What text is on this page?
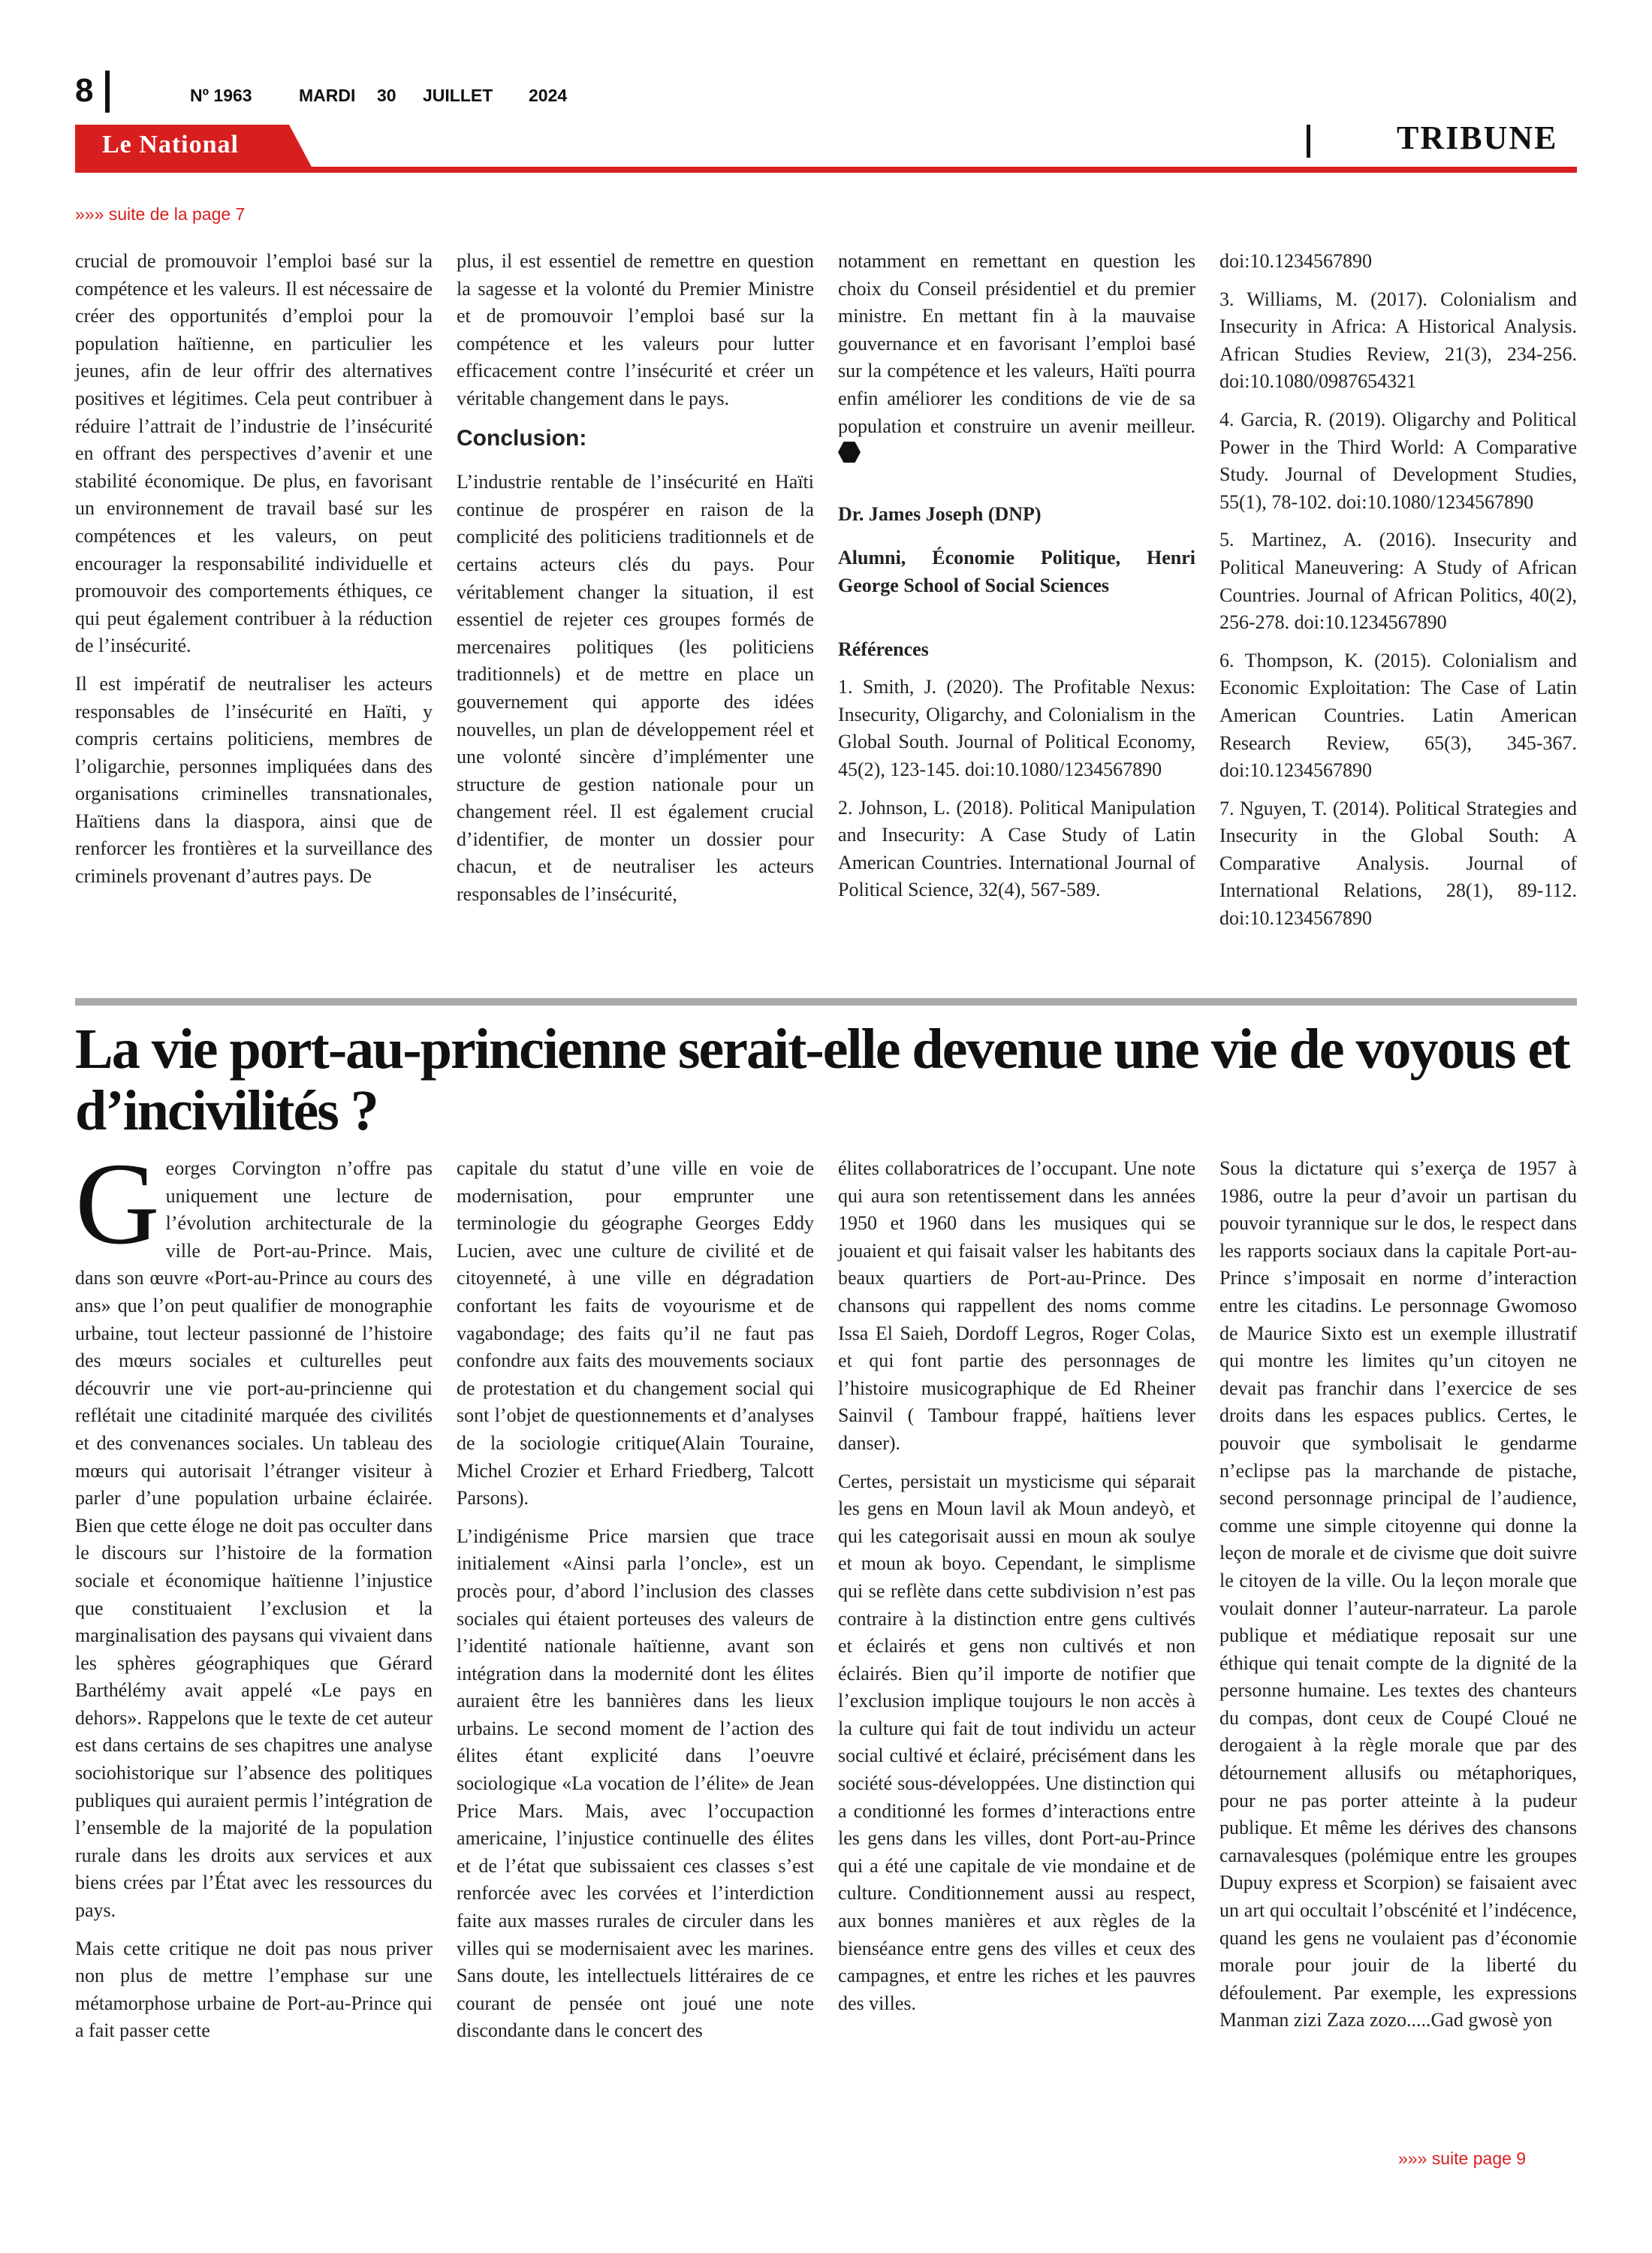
8	Nº 1963	MARDI 30 JUILLET 2024
Le National	TRIBUNE
»»» suite de la page 7

crucial de promouvoir l’emploi basé sur la compétence et les valeurs. Il est nécessaire de créer des opportunités d’emploi pour la population haïtienne, en particulier les jeunes, afin de leur offrir des alternatives positives et légitimes. Cela peut contribuer à réduire l’attrait de l’industrie de l’insécurité en offrant des perspectives d’avenir et une stabilité économique. De plus, en favorisant un environnement de travail basé sur les compétences et les valeurs, on peut encourager la responsabilité individuelle et promouvoir des comportements éthiques, ce qui peut également contribuer à la réduction de l’insécurité.

Il est impératif de neutraliser les acteurs responsables de l’insécurité en Haïti, y compris certains politiciens, membres de l’oligarchie, personnes impliquées dans des organisations criminelles transnationales, Haïtiens dans la diaspora, ainsi que de renforcer les frontières et la surveillance des criminels provenant d’autres pays. De

plus, il est essentiel de remettre en question la sagesse et la volonté du Premier Ministre et de promouvoir l’emploi basé sur la compétence et les valeurs pour lutter efficacement contre l’insécurité et créer un véritable changement dans le pays.

Conclusion:

L’industrie rentable de l’insécurité en Haïti continue de prospérer en raison de la complicité des politiciens traditionnels et de certains acteurs clés du pays. Pour véritablement changer la situation, il est essentiel de rejeter ces groupes formés de mercenaires politiques (les politiciens traditionnels) et de mettre en place un gouvernement qui apporte des idées nouvelles, un plan de développement réel et une volonté sincère d’implémenter une structure de gestion nationale pour un changement réel. Il est également crucial d’identifier, de monter un dossier pour chacun, et de neutraliser les acteurs responsables de l’insécurité,

notamment en remettant en question les choix du Conseil présidentiel et du premier ministre. En mettant fin à la mauvaise gouvernance et en favorisant l’emploi basé sur la compétence et les valeurs, Haïti pourra enfin améliorer les conditions de vie de sa population et construire un avenir meilleur.

Dr. James Joseph (DNP)

Alumni, Économie Politique, Henri George School of Social Sciences

Références

1. Smith, J. (2020). The Profitable Nexus: Insecurity, Oligarchy, and Colonialism in the Global South. Journal of Political Economy, 45(2), 123-145. doi:10.1080/1234567890

2. Johnson, L. (2018). Political Manipulation and Insecurity: A Case Study of Latin American Countries. International Journal of Political Science, 32(4), 567-589.

doi:10.1234567890

3. Williams, M. (2017). Colonialism and Insecurity in Africa: A Historical Analysis. African Studies Review, 21(3), 234-256. doi:10.1080/0987654321

4. Garcia, R. (2019). Oligarchy and Political Power in the Third World: A Comparative Study. Journal of Development Studies, 55(1), 78-102. doi:10.1080/1234567890

5. Martinez, A. (2016). Insecurity and Political Maneuvering: A Study of African Countries. Journal of African Politics, 40(2), 256-278. doi:10.1234567890

6. Thompson, K. (2015). Colonialism and Economic Exploitation: The Case of Latin American Countries. Latin American Research Review, 65(3), 345-367. doi:10.1234567890

7. Nguyen, T. (2014). Political Strategies and Insecurity in the Global South: A Comparative Analysis. Journal of International Relations, 28(1), 89-112. doi:10.1234567890

La vie port-au-princienne serait-elle devenue une vie de voyous et d’incivilités ?

Georges Corvington n’offre pas uniquement une lecture de l’évolution architecturale de la ville de Port-au-Prince. Mais, dans son œuvre «Port-au-Prince au cours des ans» que l’on peut qualifier de monographie urbaine, tout lecteur passionné de l’histoire des mœurs sociales et culturelles peut découvrir une vie port-au-princienne qui reflétait une citadinité marquée des civilités et des convenances sociales. Un tableau des mœurs qui autorisait l’étranger visiteur à parler d’une population urbaine éclairée. Bien que cette éloge ne doit pas occulter dans le discours sur l’histoire de la formation sociale et économique haïtienne l’injustice que constituaient l’exclusion et la marginalisation des paysans qui vivaient dans les sphères géographiques que Gérard Barthélémy avait appelé «Le pays en dehors». Rappelons que le texte de cet auteur est dans certains de ses chapitres une analyse sociohistorique sur l’absence des politiques publiques qui auraient permis l’intégration de l’ensemble de la majorité de la population rurale dans les droits aux services et aux biens crées par l’État avec les ressources du pays.

Mais cette critique ne doit pas nous priver non plus de mettre l’emphase sur une métamorphose urbaine de Port-au-Prince qui a fait passer cette

capitale du statut d’une ville en voie de modernisation, pour emprunter une terminologie du géographe Georges Eddy Lucien, avec une culture de civilité et de citoyenneté, à une ville en dégradation confortant les faits de voyourisme et de vagabondage; des faits qu’il ne faut pas confondre aux faits des mouvements sociaux de protestation et du changement social qui sont l’objet de questionnements et d’analyses de la sociologie critique(Alain Touraine, Michel Crozier et Erhard Friedberg, Talcott Parsons).

L’indigénisme Price marsien que trace initialement «Ainsi parla l’oncle», est un procès pour, d’abord l’inclusion des classes sociales qui étaient porteuses des valeurs de l’identité nationale haïtienne, avant son intégration dans la modernité dont les élites auraient être les bannières dans les lieux urbains. Le second moment de l’action des élites étant explicité dans l’oeuvre sociologique «La vocation de l’élite» de Jean Price Mars. Mais, avec l’occupaction americaine, l’injustice continuelle des élites et de l’état que subissaient ces classes s’est renforcée avec les corvées et l’interdiction faite aux masses rurales de circuler dans les villes qui se modernisaient avec les marines. Sans doute, les intellectuels littéraires de ce courant de pensée ont joué une note discondante dans le concert des

élites collaboratrices de l’occupant. Une note qui aura son retentissement dans les années 1950 et 1960 dans les musiques qui se jouaient et qui faisait valser les habitants des beaux quartiers de Port-au-Prince. Des chansons qui rappellent des noms comme Issa El Saieh, Dordoff Legros, Roger Colas, et qui font partie des personnages de l’histoire musicographique de Ed Rheiner Sainvil ( Tambour frappé, haïtiens lever danser).

Certes, persistait un mysticisme qui séparait les gens en Moun lavil ak Moun andeyò, et qui les categorisait aussi en moun ak soulye et moun ak boyo. Cependant, le simplisme qui se reflète dans cette subdivision n’est pas contraire à la distinction entre gens cultivés et éclairés et gens non cultivés et non éclairés. Bien qu’il importe de notifier que l’exclusion implique toujours le non accès à la culture qui fait de tout individu un acteur social cultivé et éclairé, précisément dans les société sous-développées. Une distinction qui a conditionné les formes d’interactions entre les gens dans les villes, dont Port-au-Prince qui a été une capitale de vie mondaine et de culture. Conditionnement aussi au respect, aux bonnes manières et aux règles de la bienséance entre gens des villes et ceux des campagnes, et entre les riches et les pauvres des villes.

Sous la dictature qui s’exerça de 1957 à 1986, outre la peur d’avoir un partisan du pouvoir tyrannique sur le dos, le respect dans les rapports sociaux dans la capitale Port-au-Prince s’imposait en norme d’interaction entre les citadins. Le personnage Gwomoso de Maurice Sixto est un exemple illustratif qui montre les limites qu’un citoyen ne devait pas franchir dans l’exercice de ses droits dans les espaces publics. Certes, le pouvoir que symbolisait le gendarme n’eclipse pas la marchande de pistache, second personnage principal de l’audience, comme une simple citoyenne qui donne la leçon de morale et de civisme que doit suivre le citoyen de la ville. Ou la leçon morale que voulait donner l’auteur-narrateur. La parole publique et médiatique reposait sur une éthique qui tenait compte de la dignité de la personne humaine. Les textes des chanteurs du compas, dont ceux de Coupé Cloué ne derogaient à la règle morale que par des détournement allusifs ou métaphoriques, pour ne pas porter atteinte à la pudeur publique. Et même les dérives des chansons carnavalesques (polémique entre les groupes Dupuy express et Scorpion) se faisaient avec un art qui occultait l’obscénité et l’indécence, quand les gens ne voulaient pas d’économie morale pour jouir de la liberté du défoulement. Par exemple, les expressions Manman zizi Zaza zozo.....Gad gwosè yon

»»» suite page 9
